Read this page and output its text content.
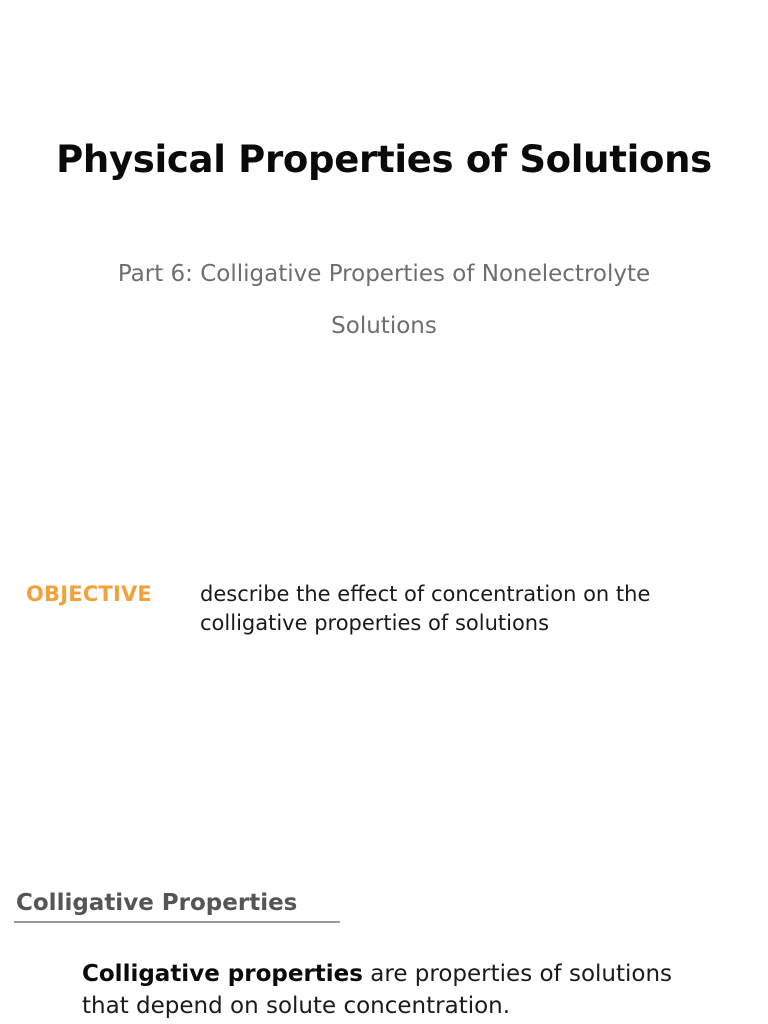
Physical Properties of Solutions
Part 6: Colligative Properties of Nonelectrolyte
Solutions
OBJECTIVE describe the effect of concentration on the
colligative properties of solutions
Colligative Properties
Colligative properties are properties of solutions
that depend on solute concentration.
